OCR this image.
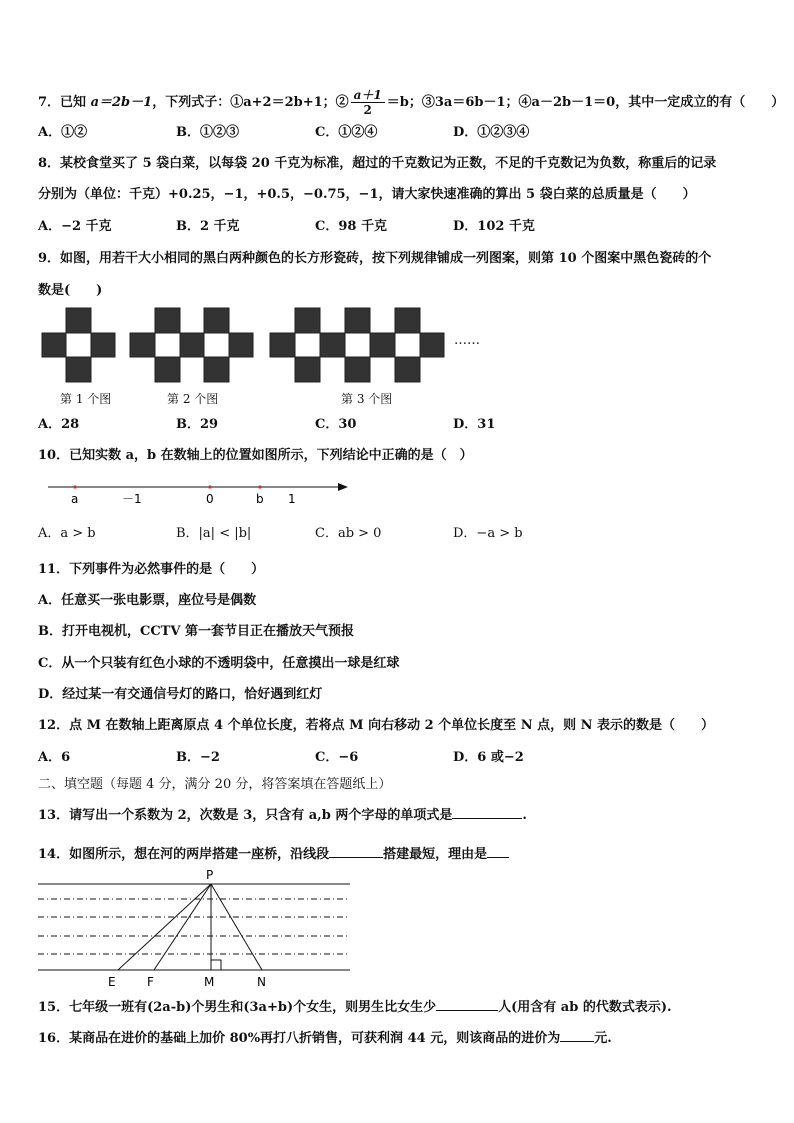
7．已知 a＝2b－1，下列式子：①a+2＝2b+1；② $\frac{a+1}{2} =b$；③3a＝6b－1；④a－2b－1＝0，其中一定成立的有（　　）
A．①②	B．①②③	C．①②④	D．①②③④
8．某校食堂买了 5 袋白菜，以每袋 20 千克为标准，超过的千克数记为正数，不足的千克数记为负数，称重后的记录
分别为（单位：千克）+0.25，−1，+0.5，−0.75，−1，请大家快速准确的算出 5 袋白菜的总质量是（　　）
A．−2 千克	B．2 千克	C．98 千克	D．102 千克
9．如图，用若干大小相同的黑白两种颜色的长方形瓷砖，按下列规律铺成一列图案，则第 10 个图案中黑色瓷砖的个
数是(　　)
……
第 1 个图	第 2 个图	第 3 个图
A．28	B．29	C．30	D．31
10．已知实数 a，b 在数轴上的位置如图所示，下列结论中正确的是（　）
a	－1	0	b 1
A．a > b	B．|a| < |b|	C．ab > 0	D．−a > b
11．下列事件为必然事件的是（　　）
A．任意买一张电影票，座位号是偶数
B．打开电视机，CCTV 第一套节目正在播放天气预报
C．从一个只装有红色小球的不透明袋中，任意摸出一球是红球
D．经过某一有交通信号灯的路口，恰好遇到红灯
12．点 M 在数轴上距离原点 4 个单位长度，若将点 M 向右移动 2 个单位长度至 N 点，则 N 表示的数是（　　）
A．6	B．−2	C．−6	D．6 或−2
二、填空题（每题 4 分，满分 20 分，将答案填在答题纸上）
13．请写出一个系数为 2，次数是 3，只含有 a,b 两个字母的单项式是	.
14．如图所示，想在河的两岸搭建一座桥，沿线段	搭建最短，理由是
P
E	F	M	N
15．七年级一班有(2a-b)个男生和(3a+b)个女生，则男生比女生少	人(用含有 ab 的代数式表示).
16．某商品在进价的基础上加价 80%再打八折销售，可获利润 44 元，则该商品的进价为	元.
